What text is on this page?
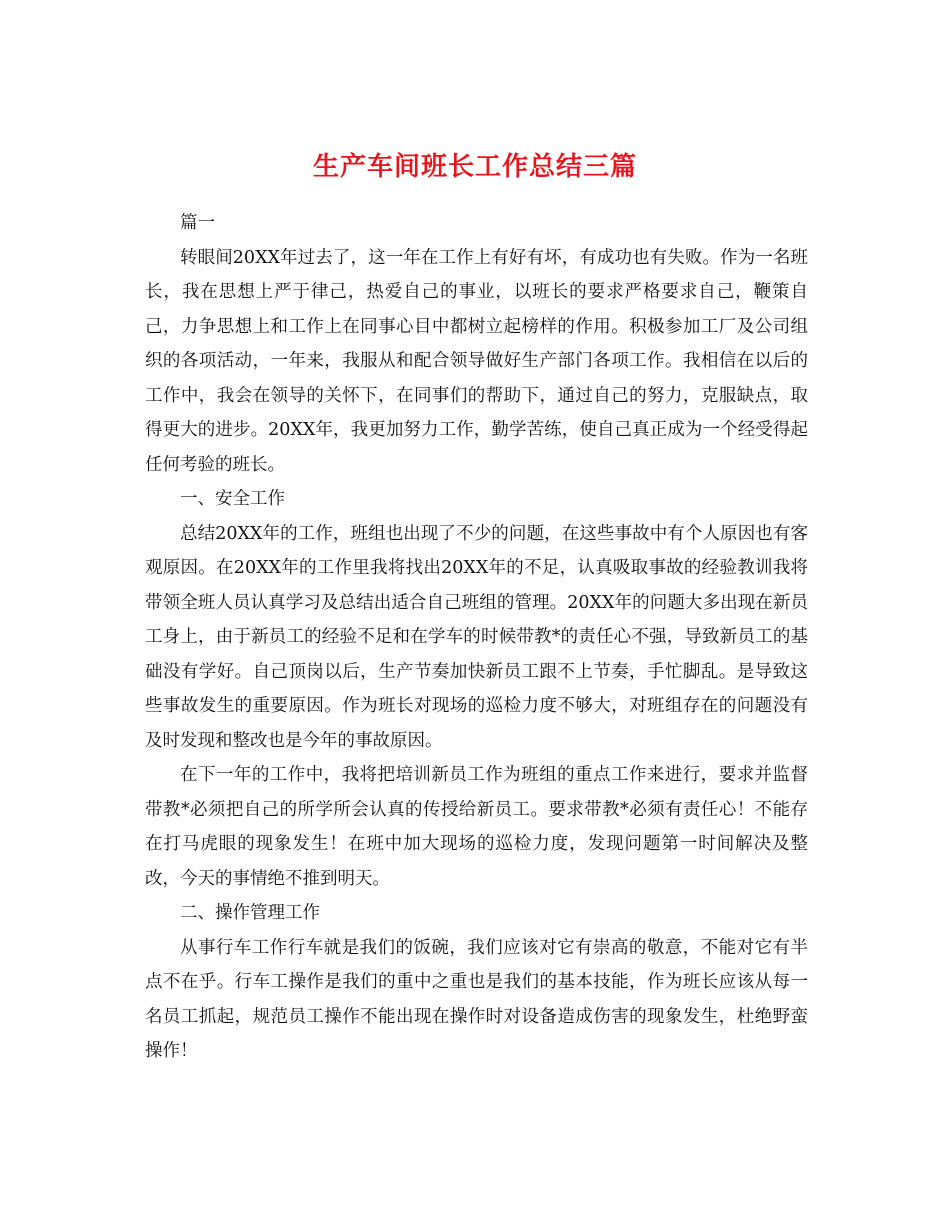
生产车间班长工作总结三篇

篇一

转眼间20XX年过去了，这一年在工作上有好有坏，有成功也有失败。作为一名班长，我在思想上严于律己，热爱自己的事业，以班长的要求严格要求自己，鞭策自己，力争思想上和工作上在同事心目中都树立起榜样的作用。积极参加工厂及公司组织的各项活动，一年来，我服从和配合领导做好生产部门各项工作。我相信在以后的工作中，我会在领导的关怀下，在同事们的帮助下，通过自己的努力，克服缺点，取得更大的进步。20XX年，我更加努力工作，勤学苦练，使自己真正成为一个经受得起任何考验的班长。

一、安全工作

总结20XX年的工作，班组也出现了不少的问题，在这些事故中有个人原因也有客观原因。在20XX年的工作里我将找出20XX年的不足，认真吸取事故的经验教训我将带领全班人员认真学习及总结出适合自己班组的管理。20XX年的问题大多出现在新员工身上，由于新员工的经验不足和在学车的时候带教*的责任心不强，导致新员工的基础没有学好。自己顶岗以后，生产节奏加快新员工跟不上节奏，手忙脚乱。是导致这些事故发生的重要原因。作为班长对现场的巡检力度不够大，对班组存在的问题没有及时发现和整改也是今年的事故原因。

在下一年的工作中，我将把培训新员工作为班组的重点工作来进行，要求并监督带教*必须把自己的所学所会认真的传授给新员工。要求带教*必须有责任心！不能存在打马虎眼的现象发生！在班中加大现场的巡检力度，发现问题第一时间解决及整改，今天的事情绝不推到明天。

二、操作管理工作

从事行车工作行车就是我们的饭碗，我们应该对它有崇高的敬意，不能对它有半点不在乎。行车工操作是我们的重中之重也是我们的基本技能，作为班长应该从每一名员工抓起，规范员工操作不能出现在操作时对设备造成伤害的现象发生，杜绝野蛮操作！
